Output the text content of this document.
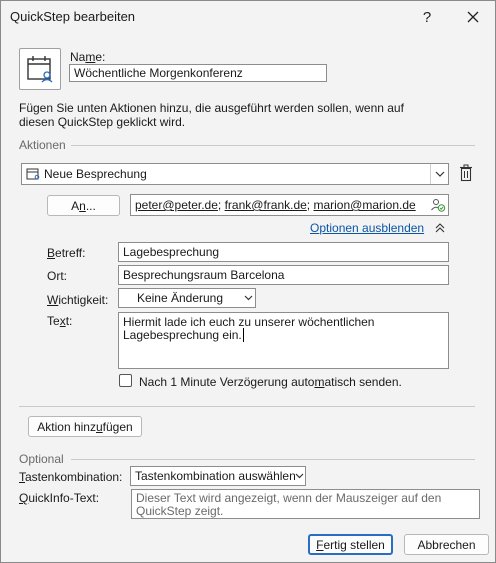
QuickStep bearbeiten	?
Name:
Wöchentliche Morgenkonferenz
Fügen Sie unten Aktionen hinzu, die ausgeführt werden sollen, wenn auf diesen QuickStep geklickt wird.
Aktionen
Neue Besprechung
A n ...	peter@peter.de; frank@frank.de; marion@marion.de
Optionen ausblenden
Betreff:	Lagebesprechung
Ort:	Besprechungsraum Barcelona
Wichtigkeit: Keine Änderung
Text:	Hiermit lade ich euch zu unserer wöchentlichen
Lagebesprechung ein.
Nach 1 Minute Verzögerung automatisch senden.
Aktion hinz u fügen
Optional
Tastenkombination: Tastenkombination auswählen
QuickInfo-Text:	Dieser Text wird angezeigt, wenn der Mauszeiger auf den QuickStep zeigt.
F ertig stellen	Abbrechen
